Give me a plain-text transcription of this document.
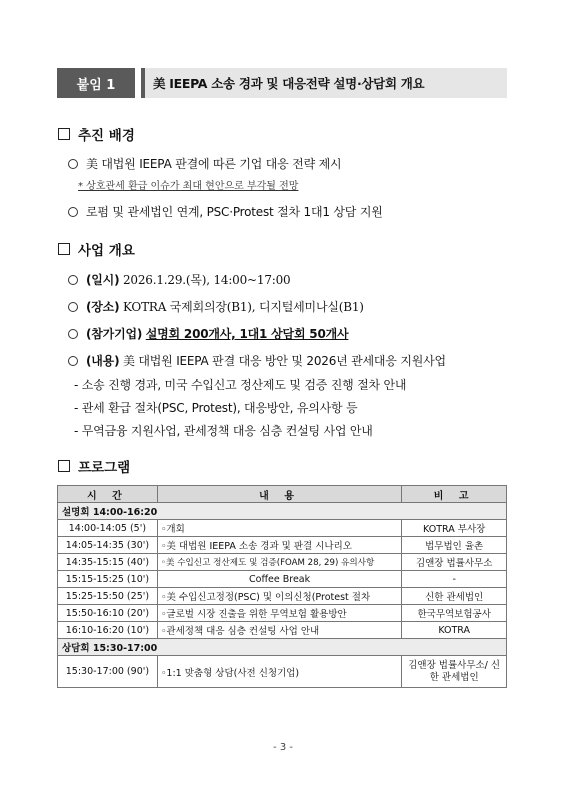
붙임 1	美 IEEPA 소송 경과 및 대응전략 설명·상담회 개요
추진 배경
美 대법원 IEEPA 판결에 따른 기업 대응 전략 제시
* 상호관세 환급 이슈가 최대 현안으로 부각될 전망
로펌 및 관세법인 연계, PSC·Protest 절차 1대1 상담 지원
사업 개요
(일시) 2026.1.29.(목), 14:00~17:00
(장소) KOTRA 국제회의장(B1), 디지털세미나실(B1)
(참가기업) 설명회 200개사, 1대1 상담회 50개사
(내용) 美 대법원 IEEPA 판결 대응 방안 및 2026년 관세대응 지원사업
- 소송 진행 경과, 미국 수입신고 정산제도 및 검증 진행 절차 안내
- 관세 환급 절차(PSC, Protest), 대응방안, 유의사항 등
- 무역금융 지원사업, 관세정책 대응 심층 컨설팅 사업 안내
프로그램
시 간	내 용	비 고
설명회 14:00-16:20		
14:00-14:05 (5')	◦개회	KOTRA 부사장
14:05-14:35 (30')	◦美 대법원 IEEPA 소송 경과 및 판결 시나리오	법무법인 율촌
14:35-15:15 (40')	◦美 수입신고 정산제도 및 검증(FOAM 28, 29) 유의사항	김앤장 법률사무소
15:15-15:25 (10')	Coffee Break	-
15:25-15:50 (25')	◦美 수입신고정정(PSC) 및 이의신청(Protest 절차	신한 관세법인
15:50-16:10 (20')	◦글로벌 시장 진출을 위한 무역보험 활용방안	한국무역보험공사
16:10-16:20 (10')	◦관세정책 대응 심층 컨설팅 사업 안내	KOTRA
상담회 15:30-17:00		
15:30-17:00 (90')	◦1:1 맞춤형 상담(사전 신청기업)	김앤장 법률사무소/ 신한 관세법인
- 3 -
